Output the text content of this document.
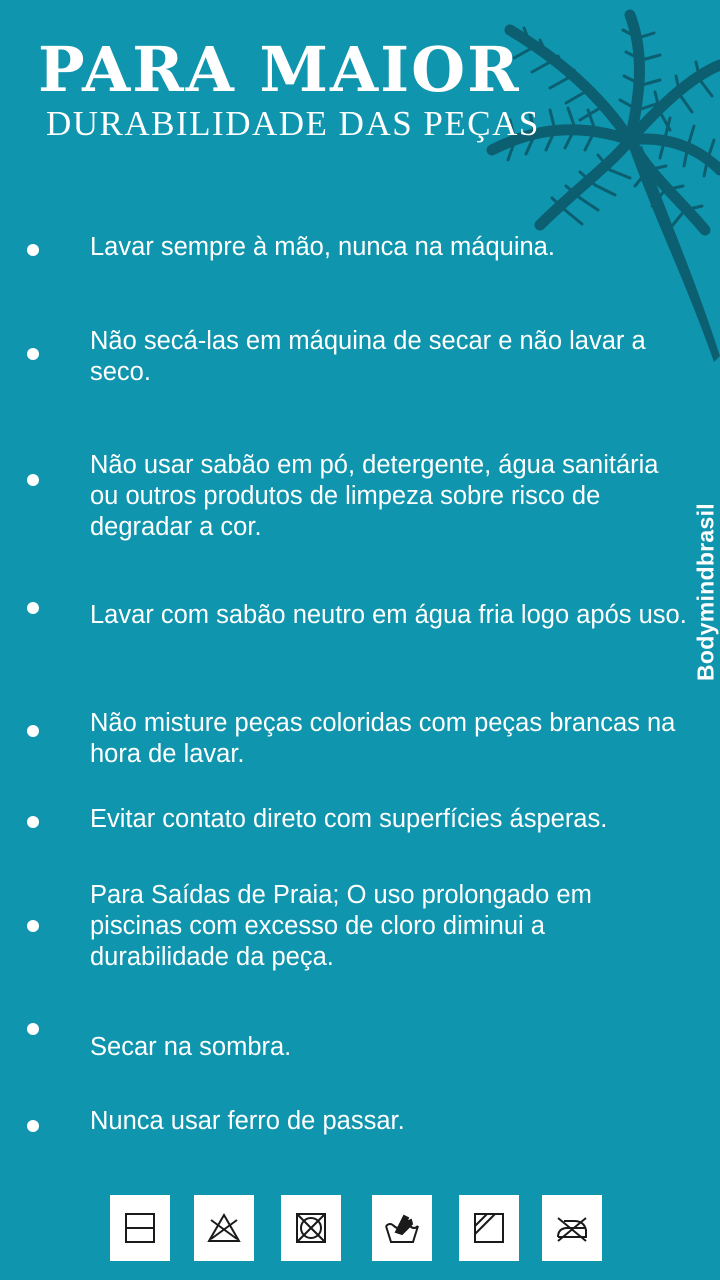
PARA MAIOR
DURABILIDADE DAS PEÇAS
Bodymindbrasil
Lavar sempre à mão, nunca na máquina.
Não secá-las em máquina de secar e não lavar a seco.
Não usar sabão em pó, detergente, água sanitária ou outros produtos de limpeza sobre risco de degradar a cor.
Lavar com sabão neutro em água fria logo após uso.
Não misture peças coloridas com peças brancas na hora de lavar.
Evitar contato direto com superfícies ásperas.
Para Saídas de Praia; O uso prolongado em piscinas com excesso de cloro diminui a durabilidade da peça.
Secar na sombra.
Nunca usar ferro de passar.
